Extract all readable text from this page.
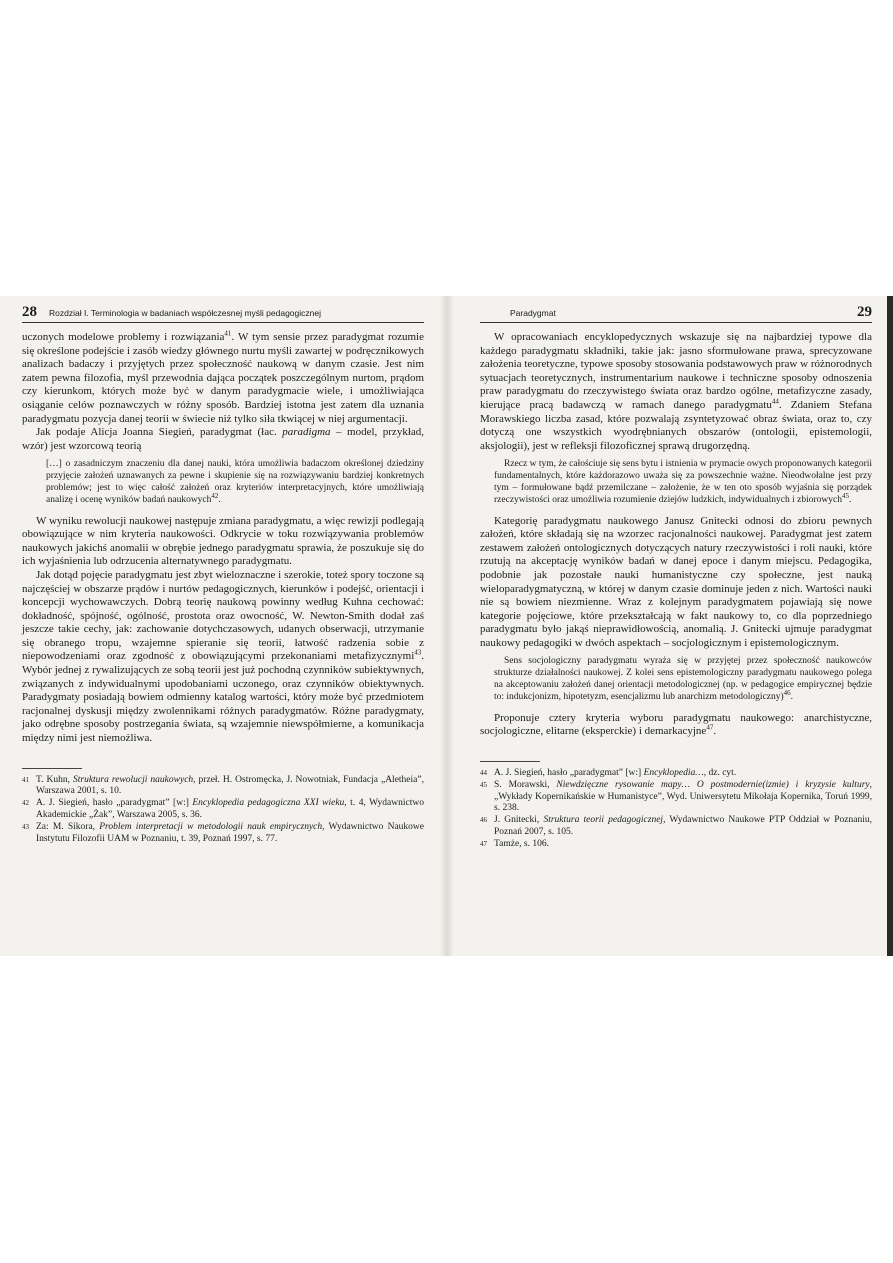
28 Rozdział I. Terminologia w badaniach współczesnej myśli pedagogicznej

uczonych modelowe problemy i rozwiązania$^{41}$. W tym sensie przez paradygmat rozumie się określone podejście i zasób wiedzy głównego nurtu myśli zawartej w podręcznikowych analizach badaczy i przyjętych przez społeczność naukową w danym czasie. Jest nim zatem pewna filozofia, myśl przewodnia dająca początek poszczególnym nurtom, prądom czy kierunkom, których może być w danym paradygmacie wiele, i umożliwiająca osiąganie celów poznawczych w różny sposób. Bardziej istotna jest zatem dla uznania paradygmatu pozycja danej teorii w świecie niż tylko siła tkwiącej w niej argumentacji.

Jak podaje Alicja Joanna Siegień, paradygmat (łac. paradigma – model, przykład, wzór) jest wzorcową teorią

[…] o zasadniczym znaczeniu dla danej nauki, która umożliwia badaczom określonej dziedziny przyjęcie założeń uznawanych za pewne i skupienie się na rozwiązywaniu bardziej konkretnych problemów; jest to więc całość założeń oraz kryteriów interpretacyjnych, które umożliwiają analizę i ocenę wyników badań naukowych$^{42}$.

W wyniku rewolucji naukowej następuje zmiana paradygmatu, a więc rewizji podlegają obowiązujące w nim kryteria naukowości. Odkrycie w toku rozwiązywania problemów naukowych jakichś anomalii w obrębie jednego paradygmatu sprawia, że poszukuje się do ich wyjaśnienia lub odrzucenia alternatywnego paradygmatu.

Jak dotąd pojęcie paradygmatu jest zbyt wieloznaczne i szerokie, toteż spory toczone są najczęściej w obszarze prądów i nurtów pedagogicznych, kierunków i podejść, orientacji i koncepcji wychowawczych. Dobrą teorię naukową powinny według Kuhna cechować: dokładność, spójność, ogólność, prostota oraz owocność, W. Newton-Smith dodał zaś jeszcze takie cechy, jak: zachowanie dotychczasowych, udanych obserwacji, utrzymanie się obranego tropu, wzajemne spieranie się teorii, łatwość radzenia sobie z niepowodzeniami oraz zgodność z obowiązującymi przekonaniami metafizycznymi$^{43}$. Wybór jednej z rywalizujących ze sobą teorii jest już pochodną czynników subiektywnych, związanych z indywidualnymi upodobaniami uczonego, oraz czynników obiektywnych. Paradygmaty posiadają bowiem odmienny katalog wartości, który może być przedmiotem racjonalnej dyskusji między zwolennikami różnych paradygmatów. Różne paradygmaty, jako odrębne sposoby postrzegania świata, są wzajemnie niewspółmierne, a komunikacja między nimi jest niemożliwa.

41 T. Kuhn, Struktura rewolucji naukowych, przeł. H. Ostromęcka, J. Nowotniak, Fundacja „Aletheia”, Warszawa 2001, s. 10.
42 A. J. Siegień, hasło „paradygmat” [w:] Encyklopedia pedagogiczna XXI wieku, t. 4, Wydawnictwo Akademickie „Żak”, Warszawa 2005, s. 36.
43 Za: M. Sikora, Problem interpretacji w metodologii nauk empirycznych, Wydawnictwo Naukowe Instytutu Filozofii UAM w Poznaniu, t. 39, Poznań 1997, s. 77.
Paradygmat	29

W opracowaniach encyklopedycznych wskazuje się na najbardziej typowe dla każdego paradygmatu składniki, takie jak: jasno sformułowane prawa, sprecyzowane założenia teoretyczne, typowe sposoby stosowania podstawowych praw w różnorodnych sytuacjach teoretycznych, instrumentarium naukowe i techniczne sposoby odnoszenia praw paradygmatu do rzeczywistego świata oraz bardzo ogólne, metafizyczne zasady, kierujące pracą badawczą w ramach danego paradygmatu$^{44}$. Zdaniem Stefana Morawskiego liczba zasad, które pozwalają zsyntetyzować obraz świata, oraz to, czy dotyczą one wszystkich wyodrębnianych obszarów (ontologii, epistemologii, aksjologii), jest w refleksji filozoficznej sprawą drugorzędną.

Rzecz w tym, że całościuje się sens bytu i istnienia w prymacie owych proponowanych kategorii fundamentalnych, które każdorazowo uważa się za powszechnie ważne. Nieodwołalne jest przy tym – formułowane bądź przemilczane – założenie, że w ten oto sposób wyjaśnia się porządek rzeczywistości oraz umożliwia rozumienie dziejów ludzkich, indywidualnych i zbiorowych$^{45}$.

Kategorię paradygmatu naukowego Janusz Gnitecki odnosi do zbioru pewnych założeń, które składają się na wzorzec racjonalności naukowej. Paradygmat jest zatem zestawem założeń ontologicznych dotyczących natury rzeczywistości i roli nauki, które rzutują na akceptację wyników badań w danej epoce i danym miejscu. Pedagogika, podobnie jak pozostałe nauki humanistyczne czy społeczne, jest nauką wieloparadygmatyczną, w której w danym czasie dominuje jeden z nich. Wartości nauki nie są bowiem niezmienne. Wraz z kolejnym paradygmatem pojawiają się nowe kategorie pojęciowe, które przekształcają w fakt naukowy to, co dla poprzedniego paradygmatu było jakąś nieprawidłowością, anomalią. J. Gnitecki ujmuje paradygmat naukowy pedagogiki w dwóch aspektach – socjologicznym i epistemologicznym.

Sens socjologiczny paradygmatu wyraża się w przyjętej przez społeczność naukowców strukturze działalności naukowej. Z kolei sens epistemologiczny paradygmatu naukowego polega na akceptowaniu założeń danej orientacji metodologicznej (np. w pedagogice empirycznej będzie to: indukcjonizm, hipotetyzm, esencjalizmu lub anarchizm metodologiczny)$^{46}$.

Proponuje cztery kryteria wyboru paradygmatu naukowego: anarchistyczne, socjologiczne, elitarne (eksperckie) i demarkacyjne$^{47}$.

44 A. J. Siegień, hasło „paradygmat” [w:] Encyklopedia…, dz. cyt.
45 S. Morawski, Niewdzięczne rysowanie mapy… O postmodernie(izmie) i kryzysie kultury, „Wykłady Kopernikańskie w Humanistyce”, Wyd. Uniwersytetu Mikołaja Kopernika, Toruń 1999, s. 238.
46 J. Gnitecki, Struktura teorii pedagogicznej, Wydawnictwo Naukowe PTP Oddział w Poznaniu, Poznań 2007, s. 105.
47 Tamże, s. 106.
